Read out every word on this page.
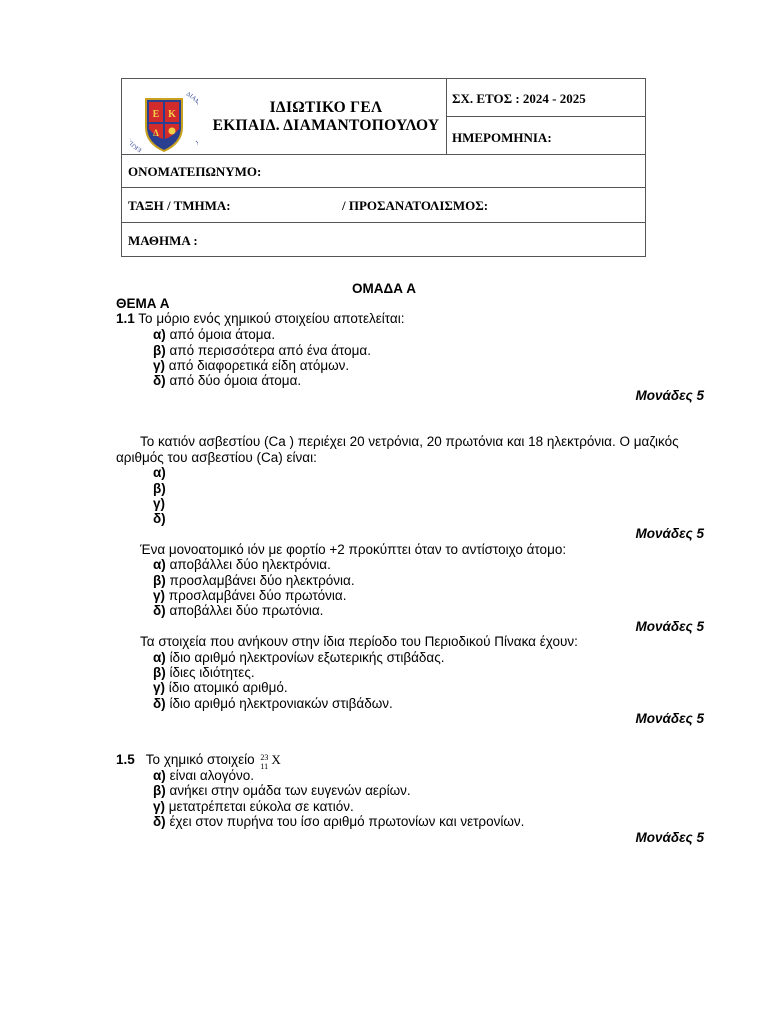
ΕΚΠ
ΔΙΑ
Ε Κ
Δ
ΙΔΙΩΤΙΚΟ ΓΕΛ
ΕΚΠΑΙΔ. ΔΙΑΜΑΝΤΟΠΟΥΛΟΥ
ΣΧ. ΕΤΟΣ : 2024 - 2025
ΗΜΕΡΟΜΗΝΙΑ:
ΟΝΟΜΑΤΕΠΩΝΥΜΟ:
ΤΑΞΗ / ΤΜΗΜΑ:	/ ΠΡΟΣΑΝΑΤΟΛΙΣΜΟΣ:
ΜΑΘΗΜΑ :
ΟΜΑΔΑ Α
ΘΕΜΑ Α
1.1 Το μόριο ενός χημικού στοιχείου αποτελείται:
α) από όμοια άτομα.
β) από περισσότερα από ένα άτομα.
γ) από διαφορετικά είδη ατόμων.
δ) από δύο όμοια άτομα.
Μονάδες 5
Το κατιόν ασβεστίου (Ca ) περιέχει 20 νετρόνια, 20 πρωτόνια και 18 ηλεκτρόνια. Ο μαζικός
αριθμός του ασβεστίου (Ca) είναι:
α)
β)
γ)
δ)
Μονάδες 5
Ένα μονοατομικό ιόν με φορτίο +2 προκύπτει όταν το αντίστοιχο άτομο:
α) αποβάλλει δύο ηλεκτρόνια.
β) προσλαμβάνει δύο ηλεκτρόνια.
γ) προσλαμβάνει δύο πρωτόνια.
δ) αποβάλλει δύο πρωτόνια.
Μονάδες 5
Τα στοιχεία που ανήκουν στην ίδια περίοδο του Περιοδικού Πίνακα έχουν:
α) ίδιο αριθμό ηλεκτρονίων εξωτερικής στιβάδας.
β) ίδιες ιδιότητες.
γ) ίδιο ατομικό αριθμό.
δ) ίδιο αριθμό ηλεκτρονιακών στιβάδων.
Μονάδες 5
1.5 Το χημικό στοιχείο 23
11 X
α) είναι αλογόνο.
β) ανήκει στην ομάδα των ευγενών αερίων.
γ) μετατρέπεται εύκολα σε κατιόν.
δ) έχει στον πυρήνα του ίσο αριθμό πρωτονίων και νετρονίων.
Μονάδες 5
